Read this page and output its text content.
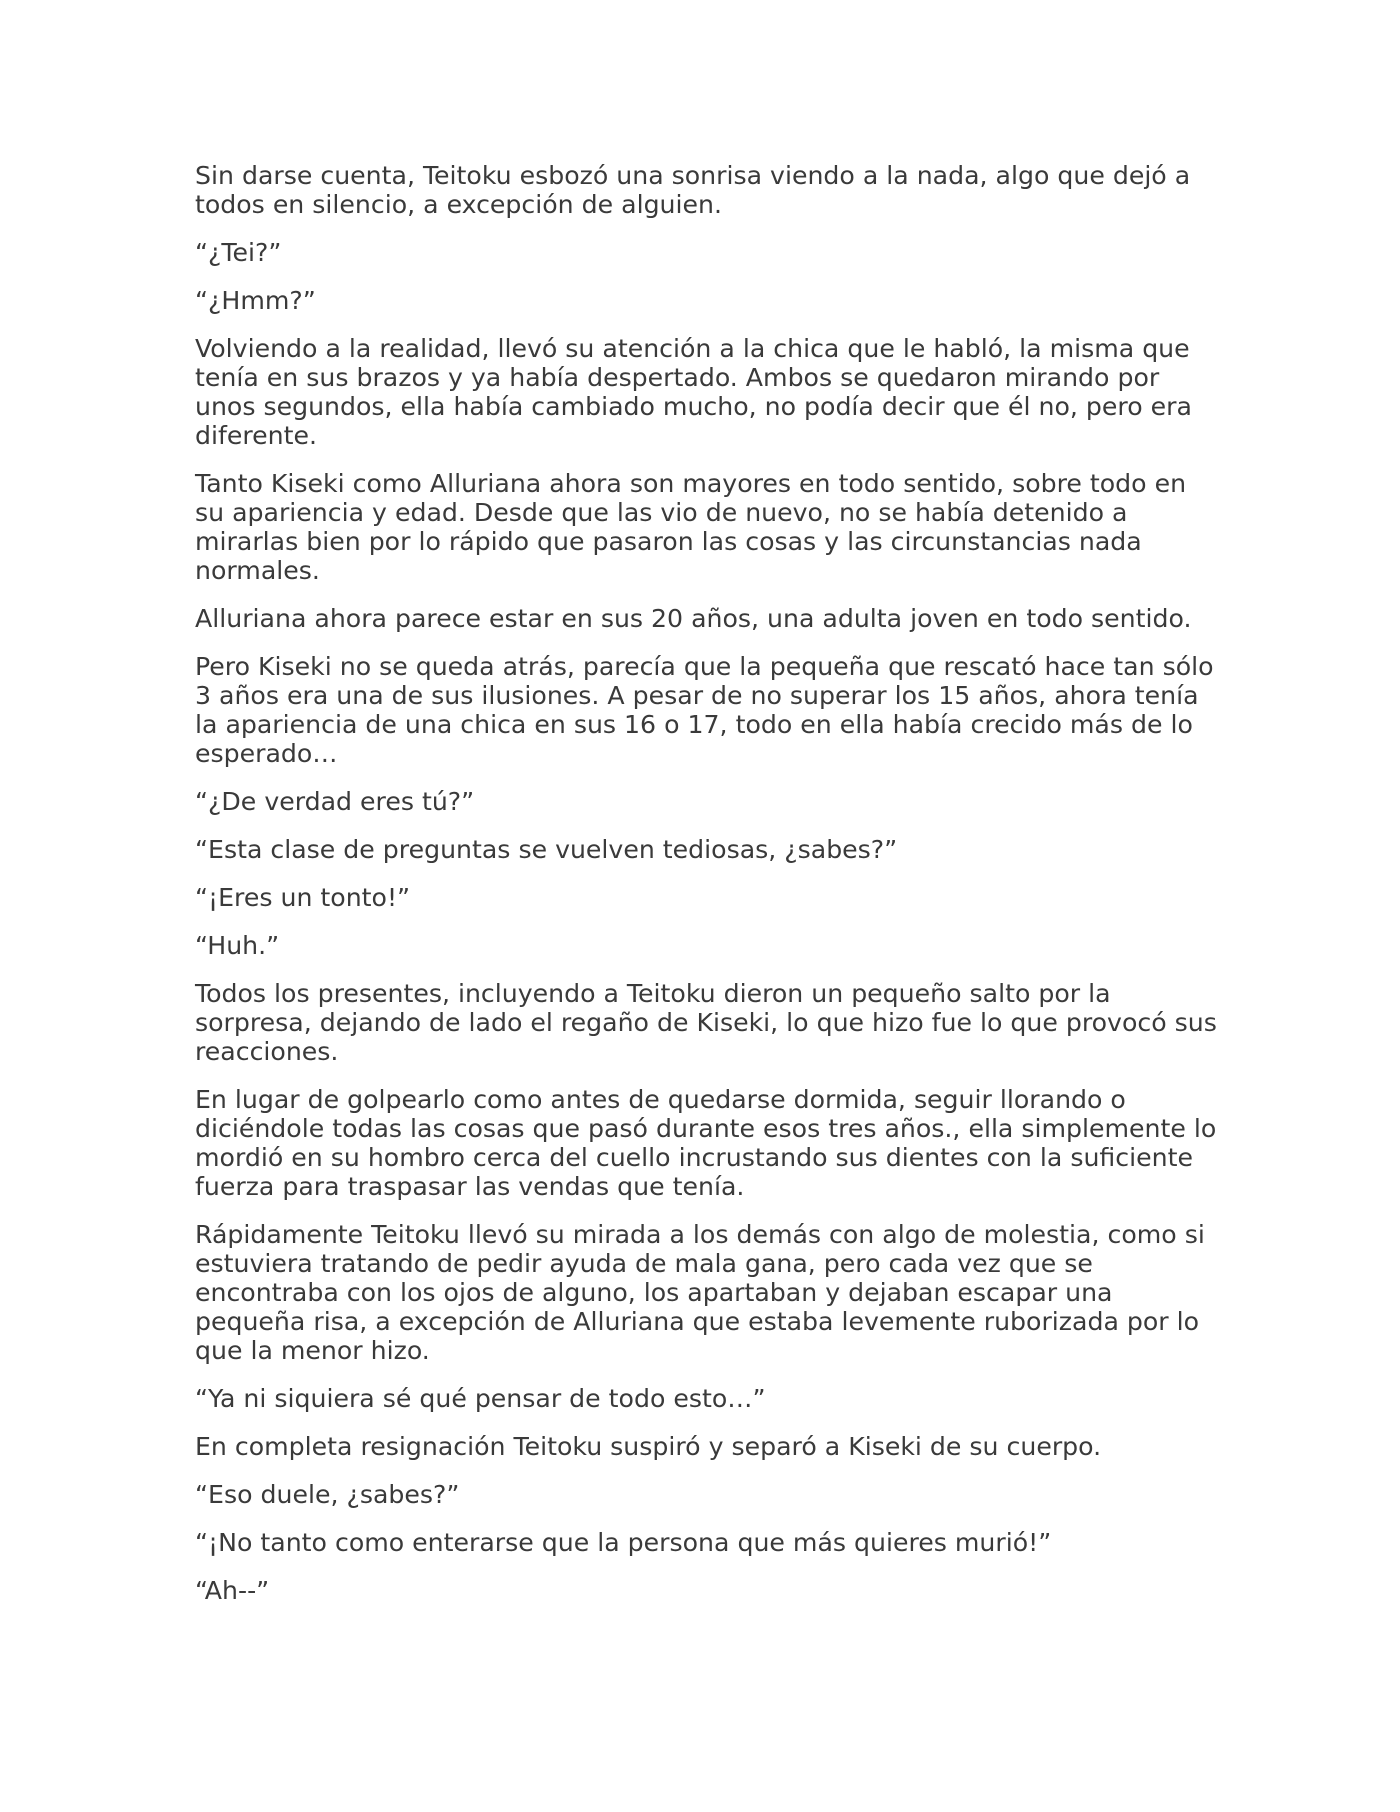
Sin darse cuenta, Teitoku esbozó una sonrisa viendo a la nada, algo que dejó a todos en silencio, a excepción de alguien.

“¿Tei?”

“¿Hmm?”

Volviendo a la realidad, llevó su atención a la chica que le habló, la misma que tenía en sus brazos y ya había despertado. Ambos se quedaron mirando por unos segundos, ella había cambiado mucho, no podía decir que él no, pero era diferente.

Tanto Kiseki como Alluriana ahora son mayores en todo sentido, sobre todo en su apariencia y edad. Desde que las vio de nuevo, no se había detenido a mirarlas bien por lo rápido que pasaron las cosas y las circunstancias nada normales.

Alluriana ahora parece estar en sus 20 años, una adulta joven en todo sentido.

Pero Kiseki no se queda atrás, parecía que la pequeña que rescató hace tan sólo 3 años era una de sus ilusiones. A pesar de no superar los 15 años, ahora tenía la apariencia de una chica en sus 16 o 17, todo en ella había crecido más de lo esperado…

“¿De verdad eres tú?”

“Esta clase de preguntas se vuelven tediosas, ¿sabes?”

“¡Eres un tonto!”

“Huh.”

Todos los presentes, incluyendo a Teitoku dieron un pequeño salto por la sorpresa, dejando de lado el regaño de Kiseki, lo que hizo fue lo que provocó sus reacciones.

En lugar de golpearlo como antes de quedarse dormida, seguir llorando o diciéndole todas las cosas que pasó durante esos tres años., ella simplemente lo mordió en su hombro cerca del cuello incrustando sus dientes con la suficiente fuerza para traspasar las vendas que tenía.

Rápidamente Teitoku llevó su mirada a los demás con algo de molestia, como si estuviera tratando de pedir ayuda de mala gana, pero cada vez que se encontraba con los ojos de alguno, los apartaban y dejaban escapar una pequeña risa, a excepción de Alluriana que estaba levemente ruborizada por lo que la menor hizo.

“Ya ni siquiera sé qué pensar de todo esto…”

En completa resignación Teitoku suspiró y separó a Kiseki de su cuerpo.

“Eso duele, ¿sabes?”

“¡No tanto como enterarse que la persona que más quieres murió!”

“Ah--”
